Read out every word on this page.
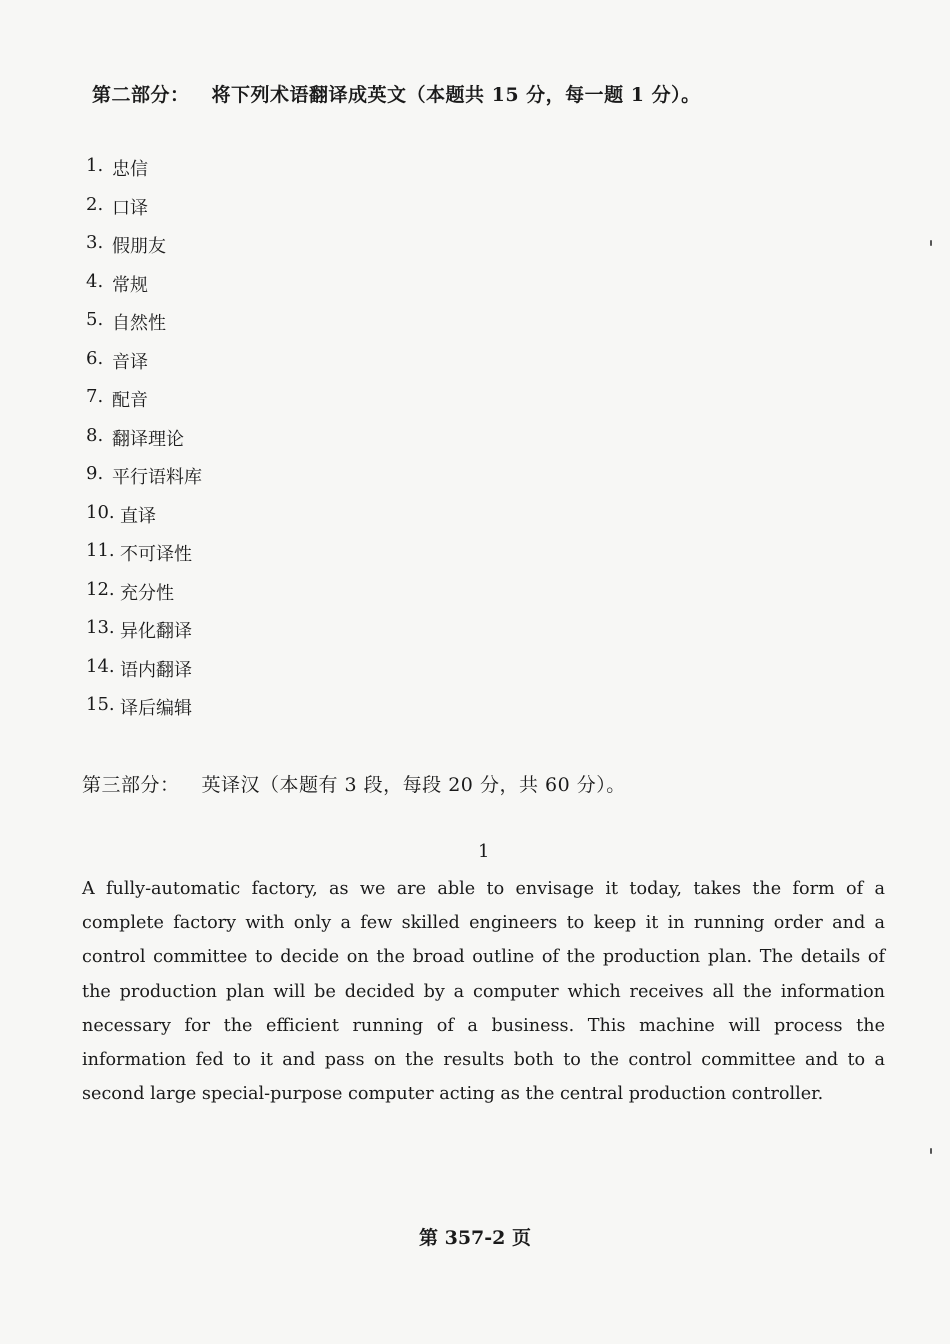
第二部分： 将下列术语翻译成英文（本题共 15 分，每一题 1 分）。
1. 忠信
2. 口译
3. 假朋友
4. 常规
5. 自然性
6. 音译
7. 配音
8. 翻译理论
9. 平行语料库
10. 直译
11. 不可译性
12. 充分性
13. 异化翻译
14. 语内翻译
15. 译后编辑
第三部分： 英译汉（本题有 3 段，每段 20 分，共 60 分）。
1

A fully-automatic factory, as we are able to envisage it today, takes the form of a complete factory with only a few skilled engineers to keep it in running order and a control committee to decide on the broad outline of the production plan. The details of the production plan will be decided by a computer which receives all the information necessary for the efficient running of a business. This machine will process the information fed to it and pass on the results both to the control committee and to a second large special-purpose computer acting as the central production controller.

第 357-2 页
